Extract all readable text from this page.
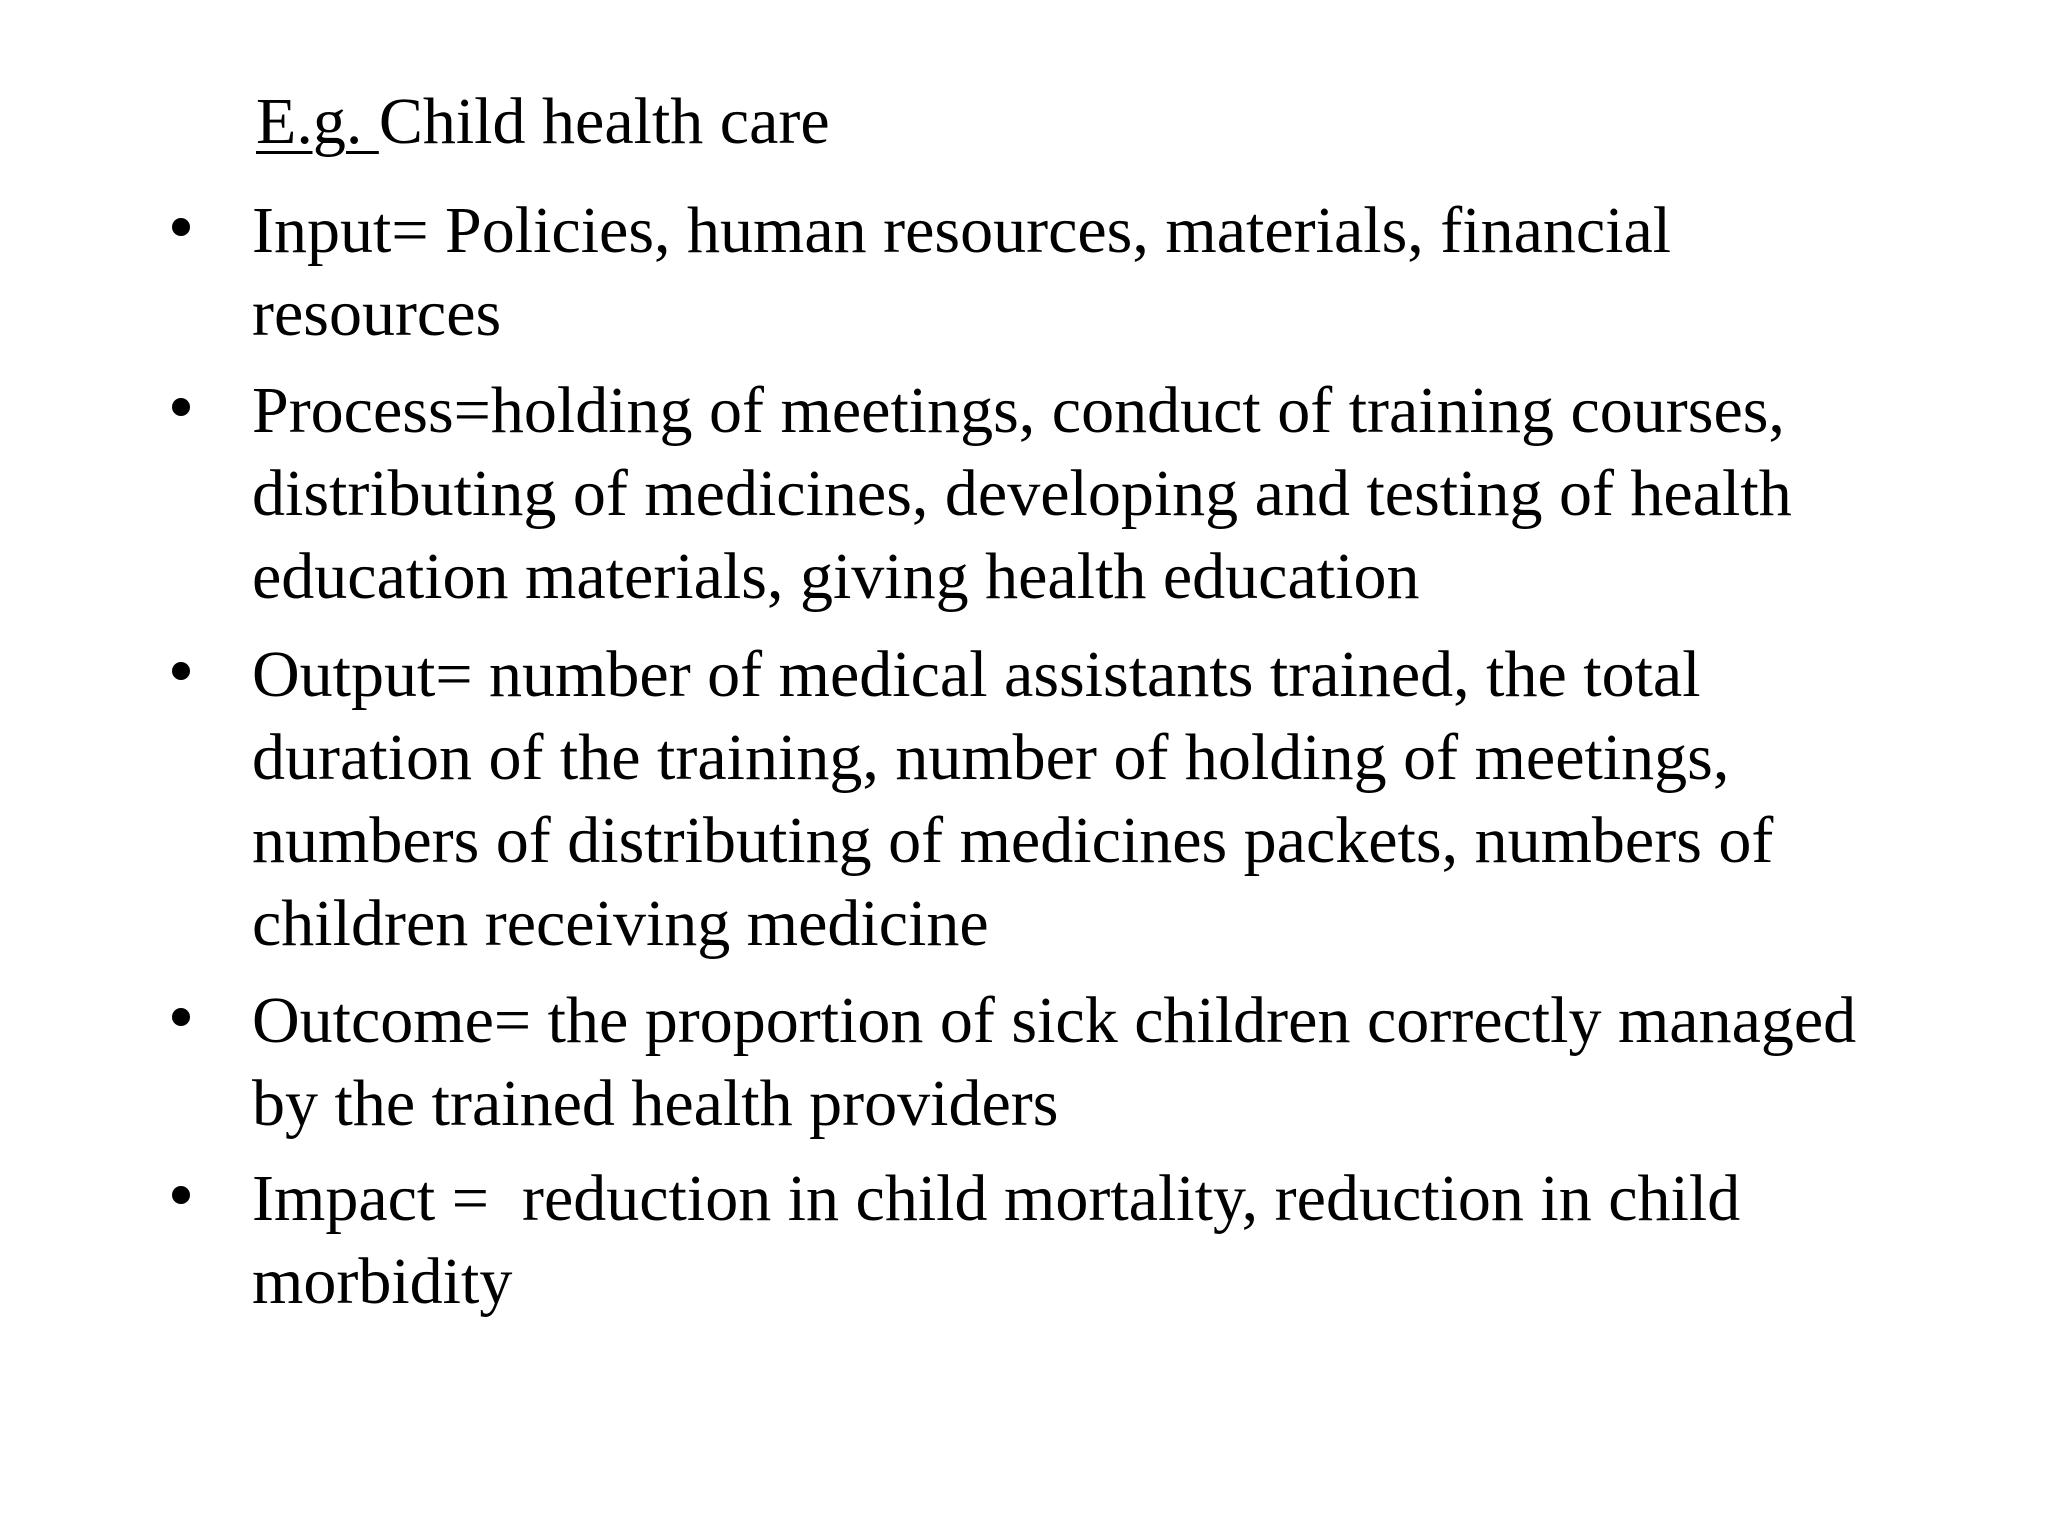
E.g. Child health care
Input= Policies, human resources, materials, financial resources
Process=holding of meetings, conduct of training courses, distributing of medicines, developing and testing of health education materials, giving health education
Output= number of medical assistants trained, the total duration of the training, number of holding of meetings, numbers of distributing of medicines packets, numbers of children receiving medicine
Outcome= the proportion of sick children correctly managed by the trained health providers
Impact =  reduction in child mortality, reduction in child morbidity
